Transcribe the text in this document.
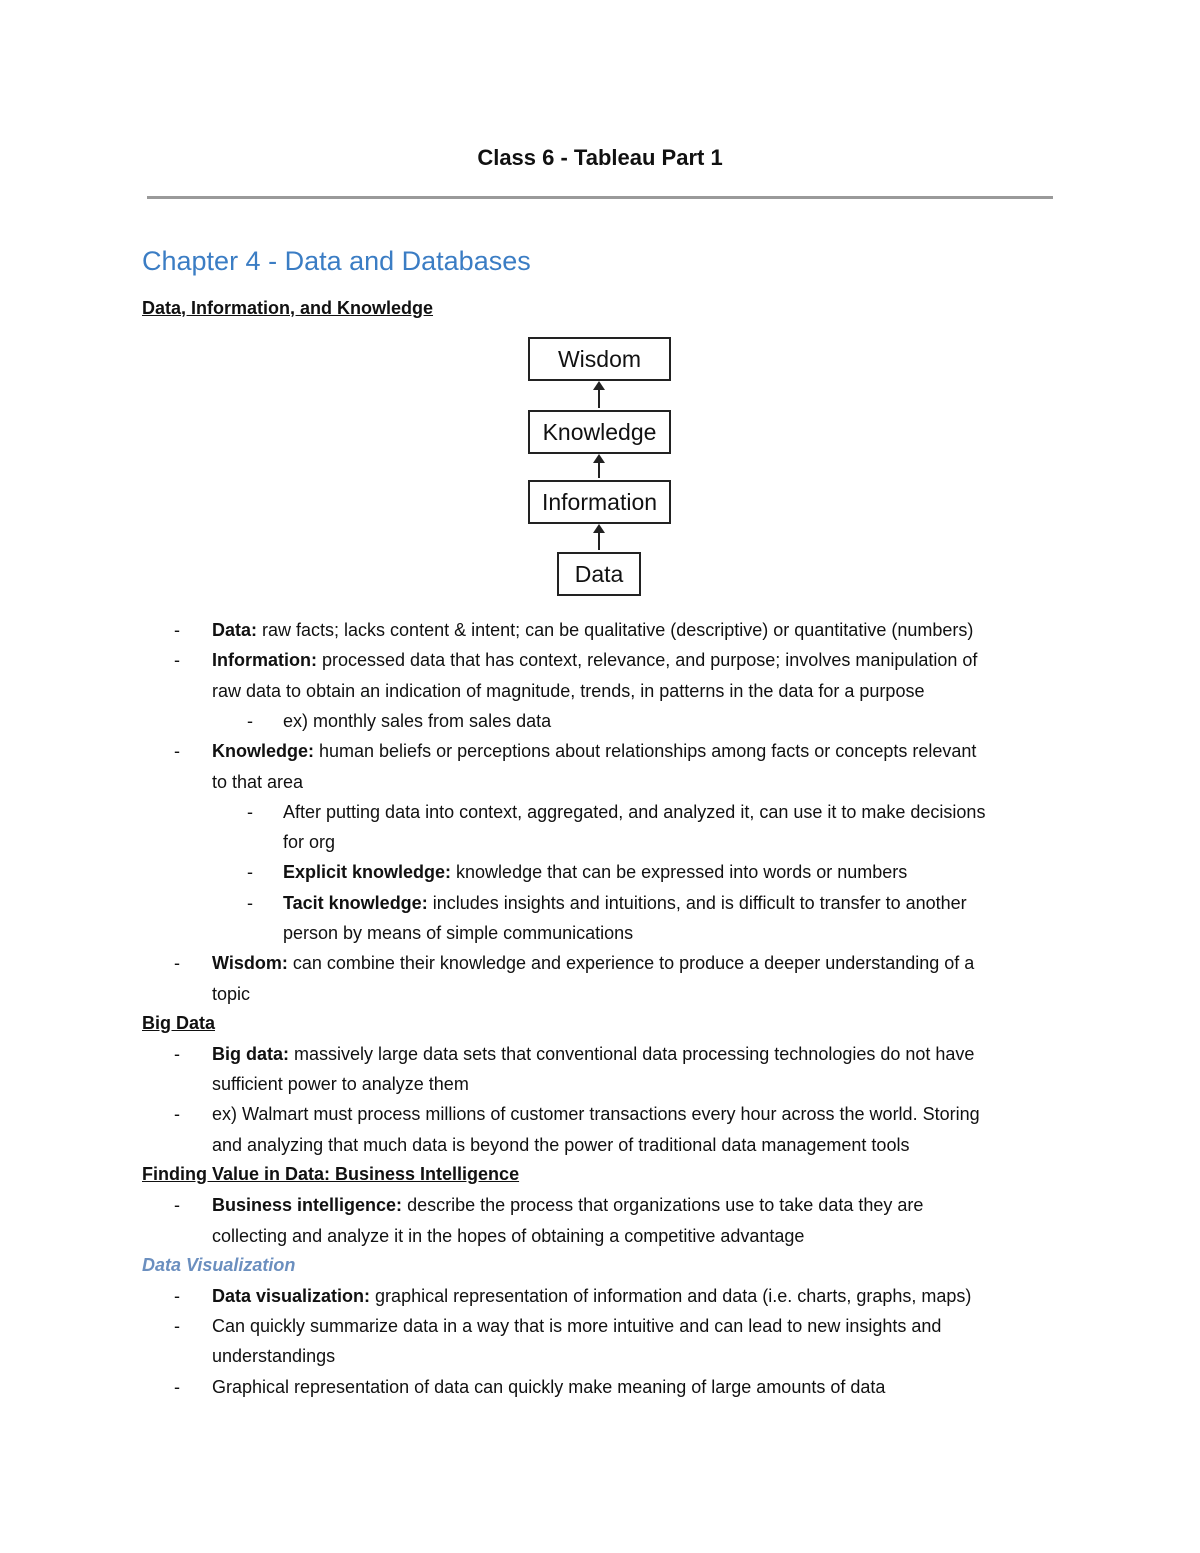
Class 6 - Tableau Part 1
Chapter 4 - Data and Databases
Data, Information, and Knowledge
Wisdom
Knowledge
Information
Data
- Data: raw facts; lacks content & intent; can be qualitative (descriptive) or quantitative (numbers)

- Information: processed data that has context, relevance, and purpose; involves manipulation of

raw data to obtain an indication of magnitude, trends, in patterns in the data for a purpose

- ex) monthly sales from sales data

- Knowledge: human beliefs or perceptions about relationships among facts or concepts relevant

to that area

- After putting data into context, aggregated, and analyzed it, can use it to make decisions

for org

- Explicit knowledge: knowledge that can be expressed into words or numbers

- Tacit knowledge: includes insights and intuitions, and is difficult to transfer to another

person by means of simple communications

- Wisdom: can combine their knowledge and experience to produce a deeper understanding of a

topic

Big Data
- Big data: massively large data sets that conventional data processing technologies do not have

sufficient power to analyze them

- ex) Walmart must process millions of customer transactions every hour across the world. Storing

and analyzing that much data is beyond the power of traditional data management tools

Finding Value in Data: Business Intelligence
- Business intelligence: describe the process that organizations use to take data they are

collecting and analyze it in the hopes of obtaining a competitive advantage

Data Visualization
- Data visualization: graphical representation of information and data (i.e. charts, graphs, maps)

- Can quickly summarize data in a way that is more intuitive and can lead to new insights and

understandings

- Graphical representation of data can quickly make meaning of large amounts of data
